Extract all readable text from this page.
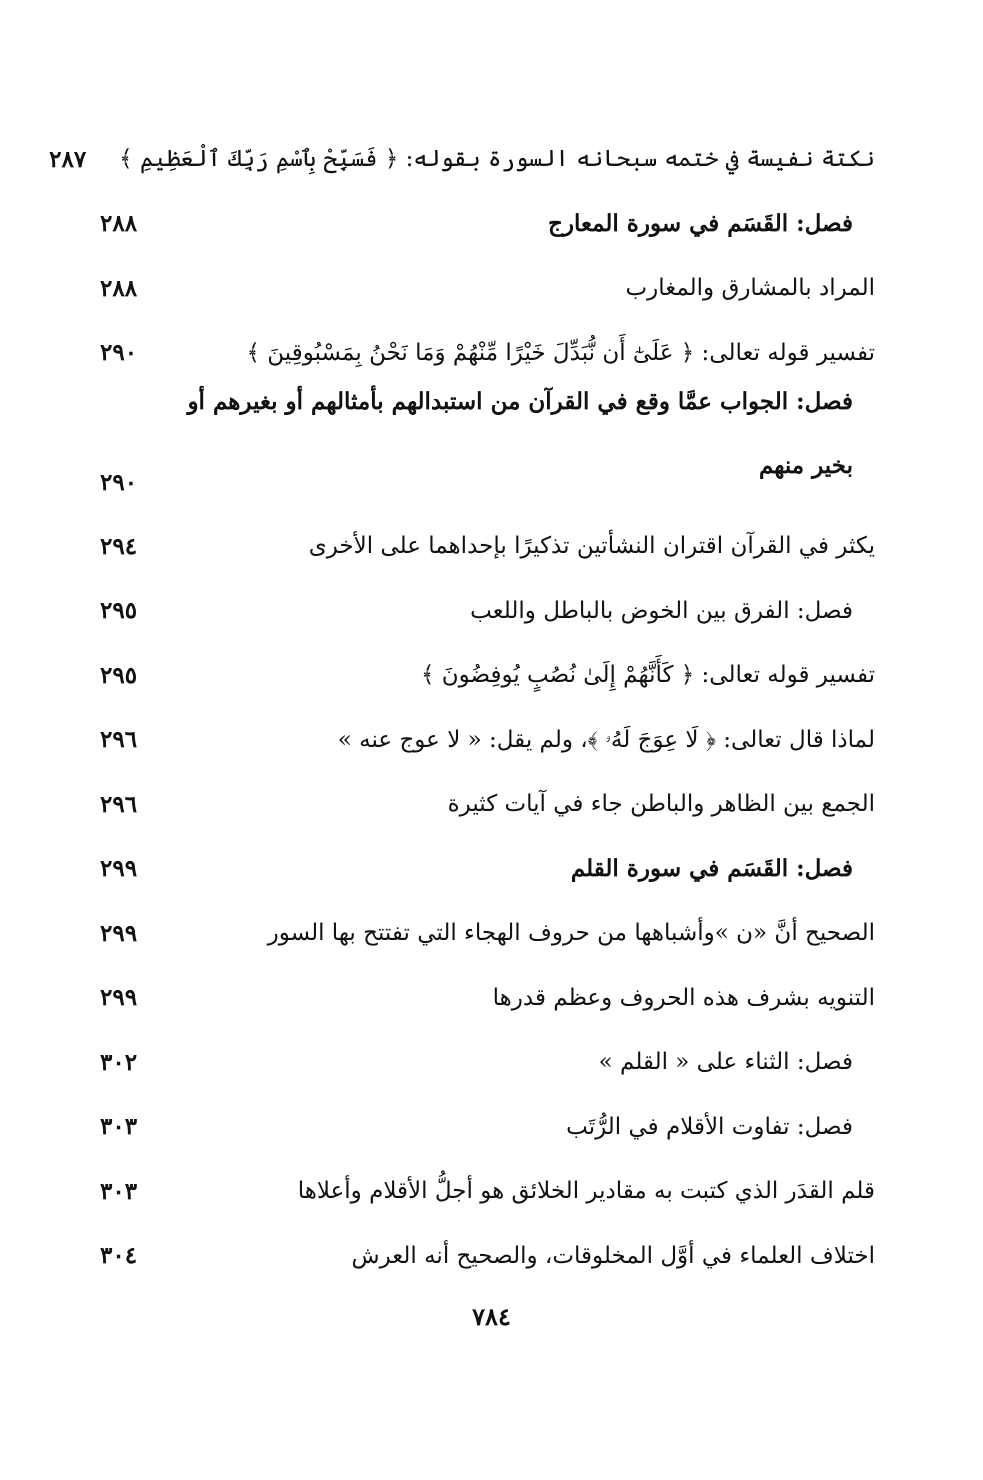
نكتة نفيسة في ختمه سبحانه السورة بقوله: ﴿ فَسَبِّحْ بِٱسْمِ رَبِّكَ ٱلْعَظِيمِ ﴾
٢٨٧
فصل: القَسَم في سورة المعارج
٢٨٨
المراد بالمشارق والمغارب
٢٨٨
تفسير قوله تعالى: ﴿ عَلَىٰٓ أَن نُّبَدِّلَ خَيْرًا مِّنْهُمْ وَمَا نَحْنُ بِمَسْبُوقِينَ ﴾
٢٩٠
فصل: الجواب عمَّا وقع في القرآن من استبدالهم بأمثالهم أو بغيرهم أو بخير منهم
٢٩٠
يكثر في القرآن اقتران النشأتين تذكيرًا بإحداهما على الأخرى
٢٩٤
فصل: الفرق بين الخوض بالباطل واللعب
٢٩٥
تفسير قوله تعالى: ﴿ كَأَنَّهُمْ إِلَىٰ نُصُبٍ يُوفِضُونَ ﴾
٢٩٥
لماذا قال تعالى: ﴿ لَا عِوَجَ لَهُۥ ﴾، ولم يقل: « لا عوج عنه »
٢٩٦
الجمع بين الظاهر والباطن جاء في آيات كثيرة
٢٩٦
فصل: القَسَم في سورة القلم
٢٩٩
الصحيح أنَّ «ن »وأشباهها من حروف الهجاء التي تفتتح بها السور
٢٩٩
التنويه بشرف هذه الحروف وعظم قدرها
٢٩٩
فصل: الثناء على « القلم »
٣٠٢
فصل: تفاوت الأقلام في الرُّتَب
٣٠٣
قلم القدَر الذي كتبت به مقادير الخلائق هو أجلُّ الأقلام وأعلاها
٣٠٣
اختلاف العلماء في أوَّل المخلوقات، والصحيح أنه العرش
٣٠٤
٧٨٤
